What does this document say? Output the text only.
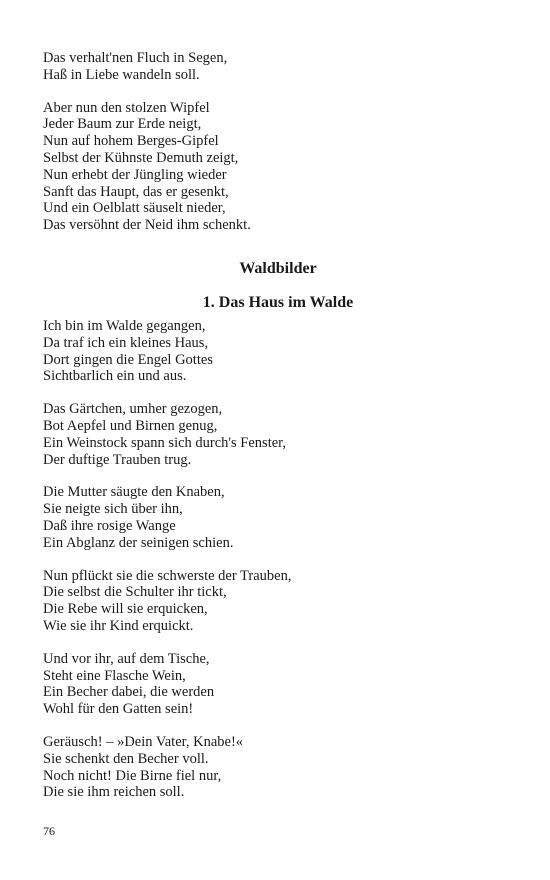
Das verhalt'nen Fluch in Segen,
Haß in Liebe wandeln soll.
Aber nun den stolzen Wipfel
Jeder Baum zur Erde neigt,
Nun auf hohem Berges-Gipfel
Selbst der Kühnste Demuth zeigt,
Nun erhebt der Jüngling wieder
Sanft das Haupt, das er gesenkt,
Und ein Oelblatt säuselt nieder,
Das versöhnt der Neid ihm schenkt.
Waldbilder
1. Das Haus im Walde
Ich bin im Walde gegangen,
Da traf ich ein kleines Haus,
Dort gingen die Engel Gottes
Sichtbarlich ein und aus.
Das Gärtchen, umher gezogen,
Bot Aepfel und Birnen genug,
Ein Weinstock spann sich durch's Fenster,
Der duftige Trauben trug.
Die Mutter säugte den Knaben,
Sie neigte sich über ihn,
Daß ihre rosige Wange
Ein Abglanz der seinigen schien.
Nun pflückt sie die schwerste der Trauben,
Die selbst die Schulter ihr tickt,
Die Rebe will sie erquicken,
Wie sie ihr Kind erquickt.
Und vor ihr, auf dem Tische,
Steht eine Flasche Wein,
Ein Becher dabei, die werden
Wohl für den Gatten sein!
Geräusch! – »Dein Vater, Knabe!«
Sie schenkt den Becher voll.
Noch nicht! Die Birne fiel nur,
Die sie ihm reichen soll.
76
